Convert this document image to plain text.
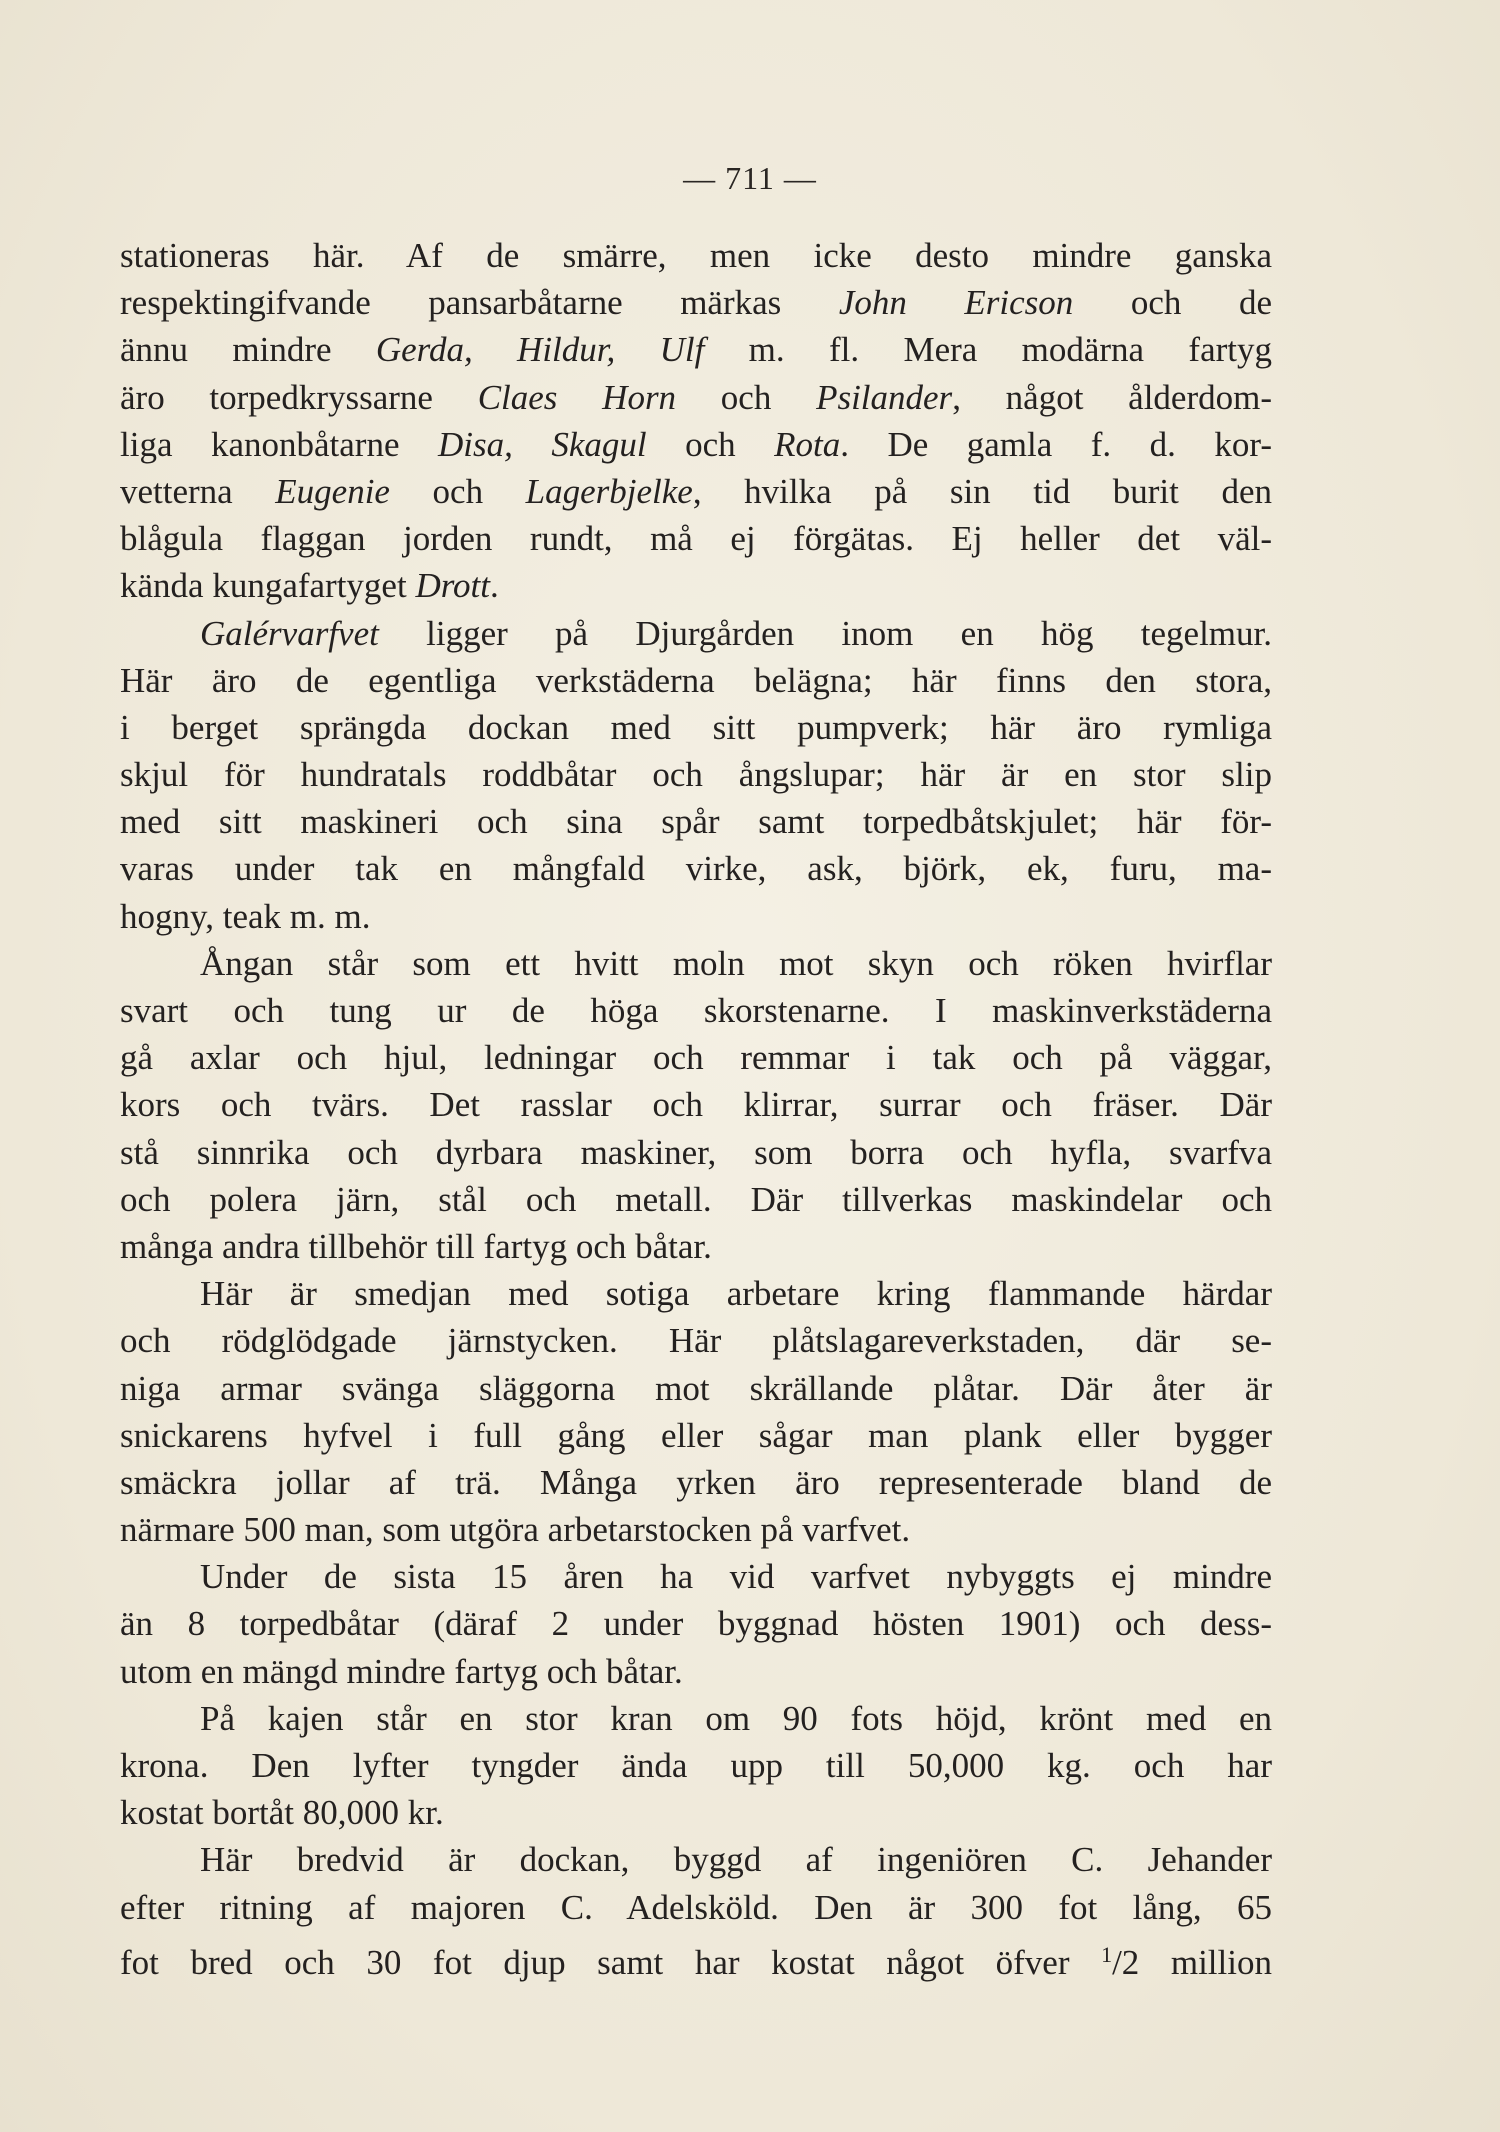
— 711 —
stationeras här. Af de smärre, men icke desto mindre ganska
respektingifvande pansarbåtarne märkas John Ericson och de
ännu mindre Gerda, Hildur, Ulf m. fl. Mera modärna fartyg
äro torpedkryssarne Claes Horn och Psilander, något ålderdom-
liga kanonbåtarne Disa, Skagul och Rota. De gamla f. d. kor-
vetterna Eugenie och Lagerbjelke, hvilka på sin tid burit den
blågula flaggan jorden rundt, må ej förgätas. Ej heller det väl-
kända kungafartyget Drott.
Galérvarfvet ligger på Djurgården inom en hög tegelmur.
Här äro de egentliga verkstäderna belägna; här finns den stora,
i berget sprängda dockan med sitt pumpverk; här äro rymliga
skjul för hundratals roddbåtar och ångslupar; här är en stor slip
med sitt maskineri och sina spår samt torpedbåtskjulet; här för-
varas under tak en mångfald virke, ask, björk, ek, furu, ma-
hogny, teak m. m.
Ångan står som ett hvitt moln mot skyn och röken hvirflar
svart och tung ur de höga skorstenarne. I maskinverkstäderna
gå axlar och hjul, ledningar och remmar i tak och på väggar,
kors och tvärs. Det rasslar och klirrar, surrar och fräser. Där
stå sinnrika och dyrbara maskiner, som borra och hyfla, svarfva
och polera järn, stål och metall. Där tillverkas maskindelar och
många andra tillbehör till fartyg och båtar.
Här är smedjan med sotiga arbetare kring flammande härdar
och rödglödgade järnstycken. Här plåtslagareverkstaden, där se-
niga armar svänga släggorna mot skrällande plåtar. Där åter är
snickarens hyfvel i full gång eller sågar man plank eller bygger
smäckra jollar af trä. Många yrken äro representerade bland de
närmare 500 man, som utgöra arbetarstocken på varfvet.
Under de sista 15 åren ha vid varfvet nybyggts ej mindre
än 8 torpedbåtar (däraf 2 under byggnad hösten 1901) och dess-
utom en mängd mindre fartyg och båtar.
På kajen står en stor kran om 90 fots höjd, krönt med en
krona. Den lyfter tyngder ända upp till 50,000 kg. och har
kostat bortåt 80,000 kr.
Här bredvid är dockan, byggd af ingeniören C. Jehander
efter ritning af majoren C. Adelsköld. Den är 300 fot lång, 65
fot bred och 30 fot djup samt har kostat något öfver $^1$/2 million
